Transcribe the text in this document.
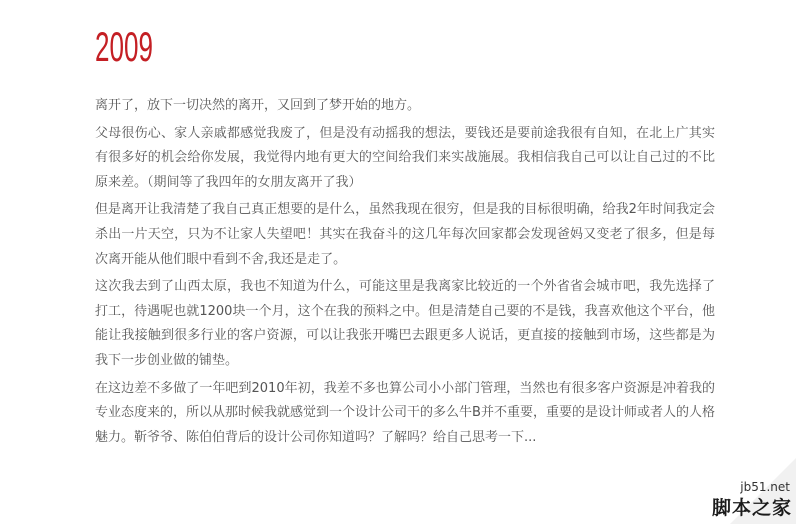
2009

离开了，放下一切决然的离开，又回到了梦开始的地方。

父母很伤心、家人亲戚都感觉我废了，但是没有动摇我的想法，要钱还是要前途我很有自知，在北上广其实有很多好的机会给你发展，我觉得内地有更大的空间给我们来实战施展。我相信我自己可以让自己过的不比原来差。（期间等了我四年的女朋友离开了我）

但是离开让我清楚了我自己真正想要的是什么，虽然我现在很穷，但是我的目标很明确，给我2年时间我定会杀出一片天空，只为不让家人失望吧！其实在我奋斗的这几年每次回家都会发现爸妈又变老了很多，但是每次离开能从他们眼中看到不舍,我还是走了。

这次我去到了山西太原，我也不知道为什么，可能这里是我离家比较近的一个外省省会城市吧，我先选择了打工，待遇呢也就1200块一个月，这个在我的预料之中。但是清楚自己要的不是钱，我喜欢他这个平台，他能让我接触到很多行业的客户资源，可以让我张开嘴巴去跟更多人说话，更直接的接触到市场，这些都是为我下一步创业做的铺垫。

在这边差不多做了一年吧到2010年初，我差不多也算公司小小部门管理，当然也有很多客户资源是冲着我的专业态度来的，所以从那时候我就感觉到一个设计公司干的多么牛B并不重要，重要的是设计师或者人的人格魅力。靳爷爷、陈伯伯背后的设计公司你知道吗？了解吗？给自己思考一下...

jb51.net
脚本之家
